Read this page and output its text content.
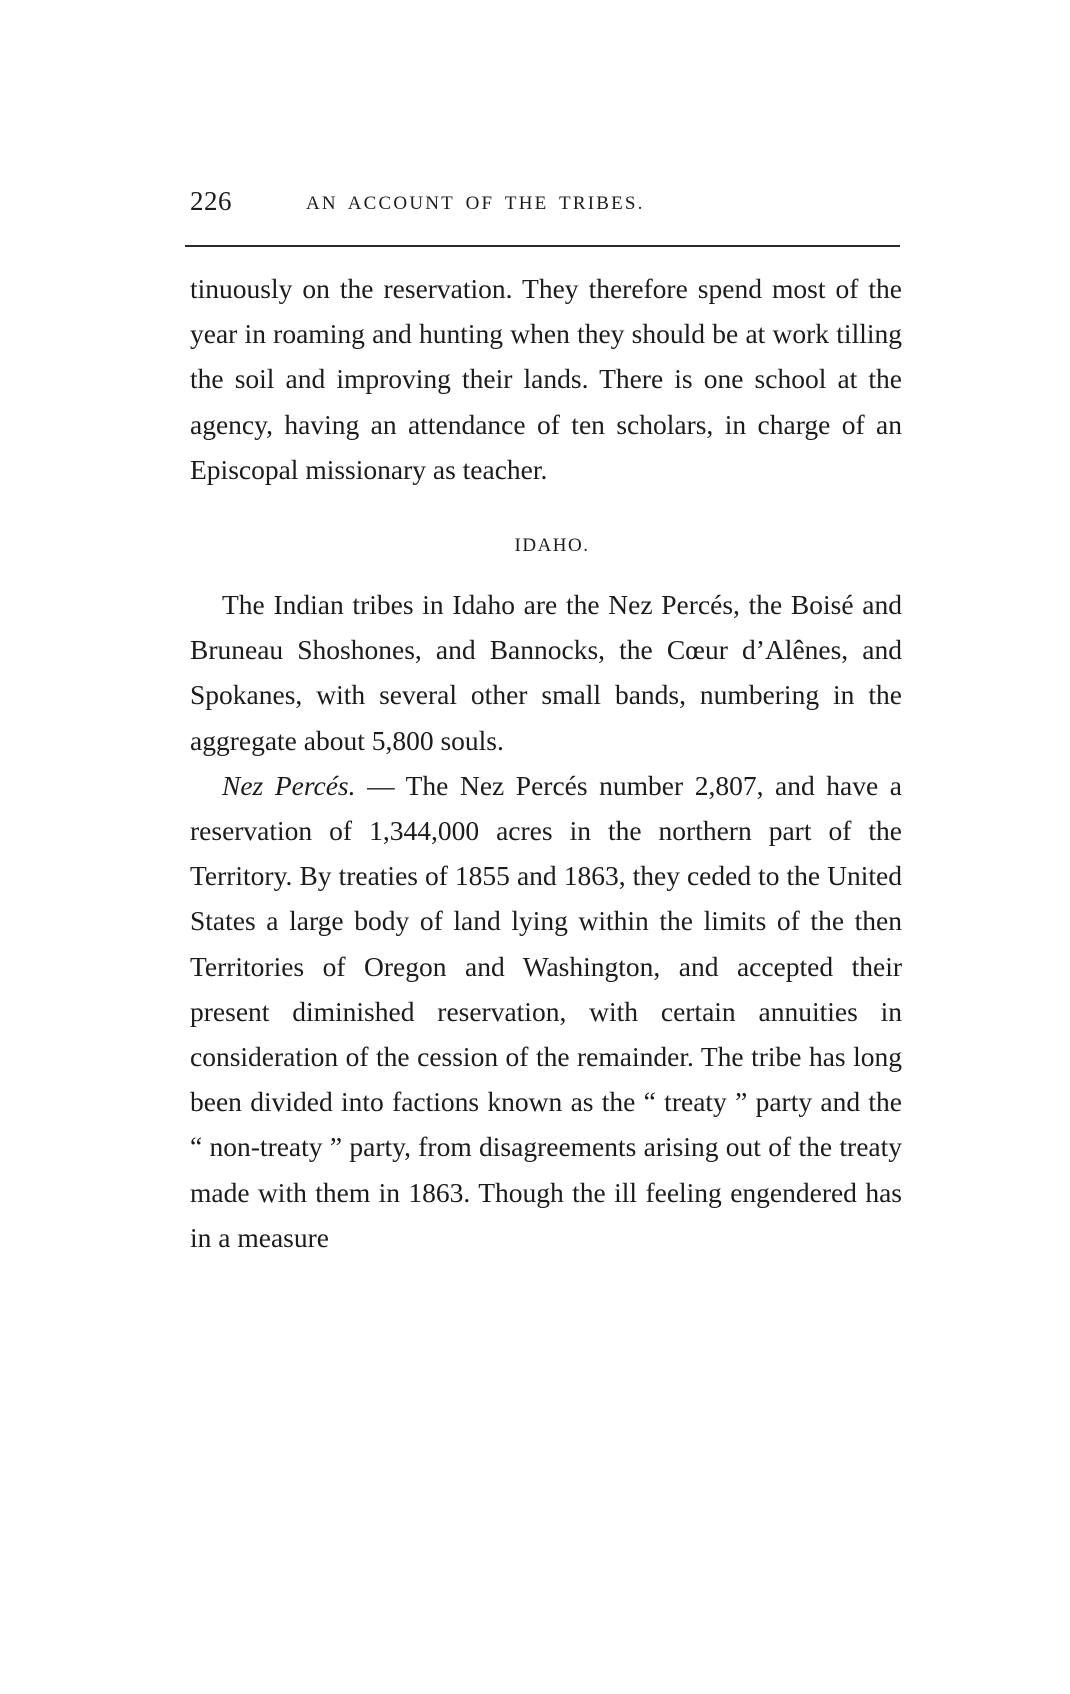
226	AN ACCOUNT OF THE TRIBES.

tinuously on the reservation. They therefore spend most of the year in roaming and hunting when they should be at work tilling the soil and improving their lands. There is one school at the agency, having an attendance of ten scholars, in charge of an Episcopal missionary as teacher.

IDAHO.

The Indian tribes in Idaho are the Nez Percés, the Boisé and Bruneau Shoshones, and Bannocks, the Cœur d’Alênes, and Spokanes, with several other small bands, numbering in the aggregate about 5,800 souls.

Nez Percés. — The Nez Percés number 2,807, and have a reservation of 1,344,000 acres in the northern part of the Territory. By treaties of 1855 and 1863, they ceded to the United States a large body of land lying within the limits of the then Territories of Oregon and Washington, and accepted their present diminished reservation, with certain annuities in consideration of the cession of the remainder. The tribe has long been divided into factions known as the “ treaty ” party and the “ non-treaty ” party, from disagreements arising out of the treaty made with them in 1863. Though the ill feeling engendered has in a measure
